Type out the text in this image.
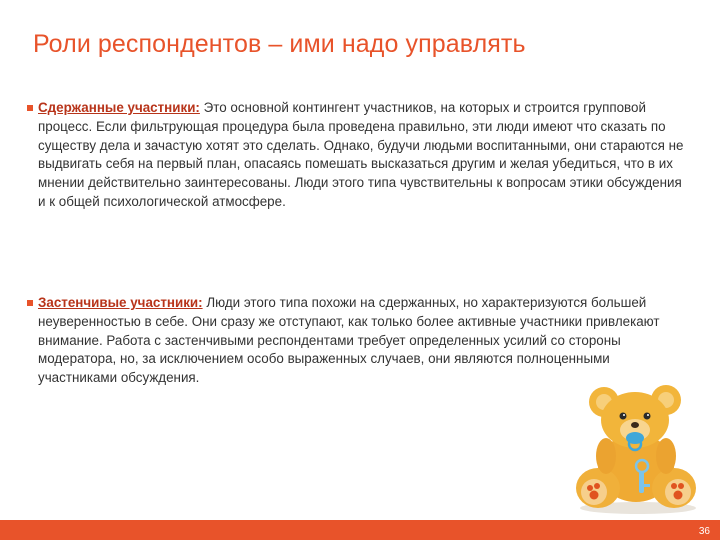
Роли респондентов – ими надо управлять
Сдержанные участники: Это основной контингент участников, на которых и строится групповой процесс. Если фильтрующая процедура была проведена правильно, эти люди имеют что сказать по существу дела и зачастую хотят это сделать. Однако, будучи людьми воспитанными, они стараются не выдвигать себя на первый план, опасаясь помешать высказаться другим и желая убедиться, что в их мнении действительно заинтересованы. Люди этого типа чувствительны к вопросам этики обсуждения и к общей психологической атмосфере.
Застенчивые участники: Люди этого типа похожи на сдержанных, но характеризуются большей неуверенностью в себе. Они сразу же отступают, как только более активные участники привлекают внимание. Работа с застенчивыми респондентами требует определенных усилий со стороны модератора, но, за исключением особо выраженных случаев, они являются полноценными участниками обсуждения.
36
